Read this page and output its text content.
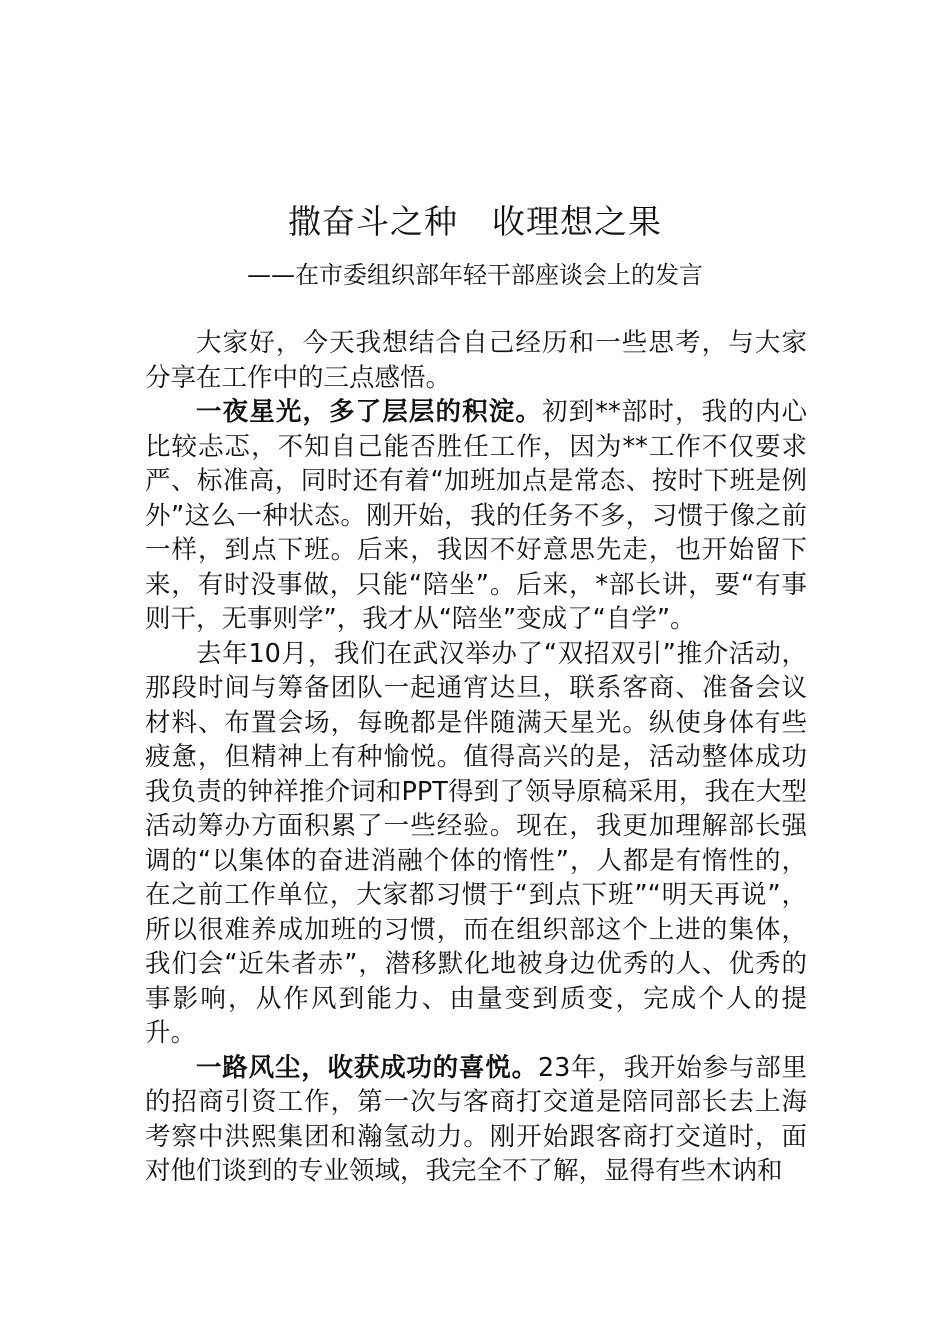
撒奋斗之种　收理想之果
——在市委组织部年轻干部座谈会上的发言

大家好，今天我想结合自己经历和一些思考，与大家分享在工作中的三点感悟。

一夜星光，多了层层的积淀。初到**部时，我的内心比较忐忑，不知自己能否胜任工作，因为**工作不仅要求严、标准高，同时还有着“加班加点是常态、按时下班是例外”这么一种状态。刚开始，我的任务不多，习惯于像之前一样，到点下班。后来，我因不好意思先走，也开始留下来，有时没事做，只能“陪坐”。后来，*部长讲，要“有事则干，无事则学”，我才从“陪坐”变成了“自学”。

去年10月，我们在武汉举办了“双招双引”推介活动，那段时间与筹备团队一起通宵达旦，联系客商、准备会议材料、布置会场，每晚都是伴随满天星光。纵使身体有些疲惫，但精神上有种愉悦。值得高兴的是，活动整体成功我负责的钟祥推介词和PPT得到了领导原稿采用，我在大型活动筹办方面积累了一些经验。现在，我更加理解部长强调的“以集体的奋进消融个体的惰性”，人都是有惰性的，在之前工作单位，大家都习惯于“到点下班”“明天再说”，所以很难养成加班的习惯，而在组织部这个上进的集体，我们会“近朱者赤”，潜移默化地被身边优秀的人、优秀的事影响，从作风到能力、由量变到质变，完成个人的提升。

一路风尘，收获成功的喜悦。23年，我开始参与部里的招商引资工作，第一次与客商打交道是陪同部长去上海考察中洪熙集团和瀚氢动力。刚开始跟客商打交道时，面对他们谈到的专业领域，我完全不了解，显得有些木讷和
